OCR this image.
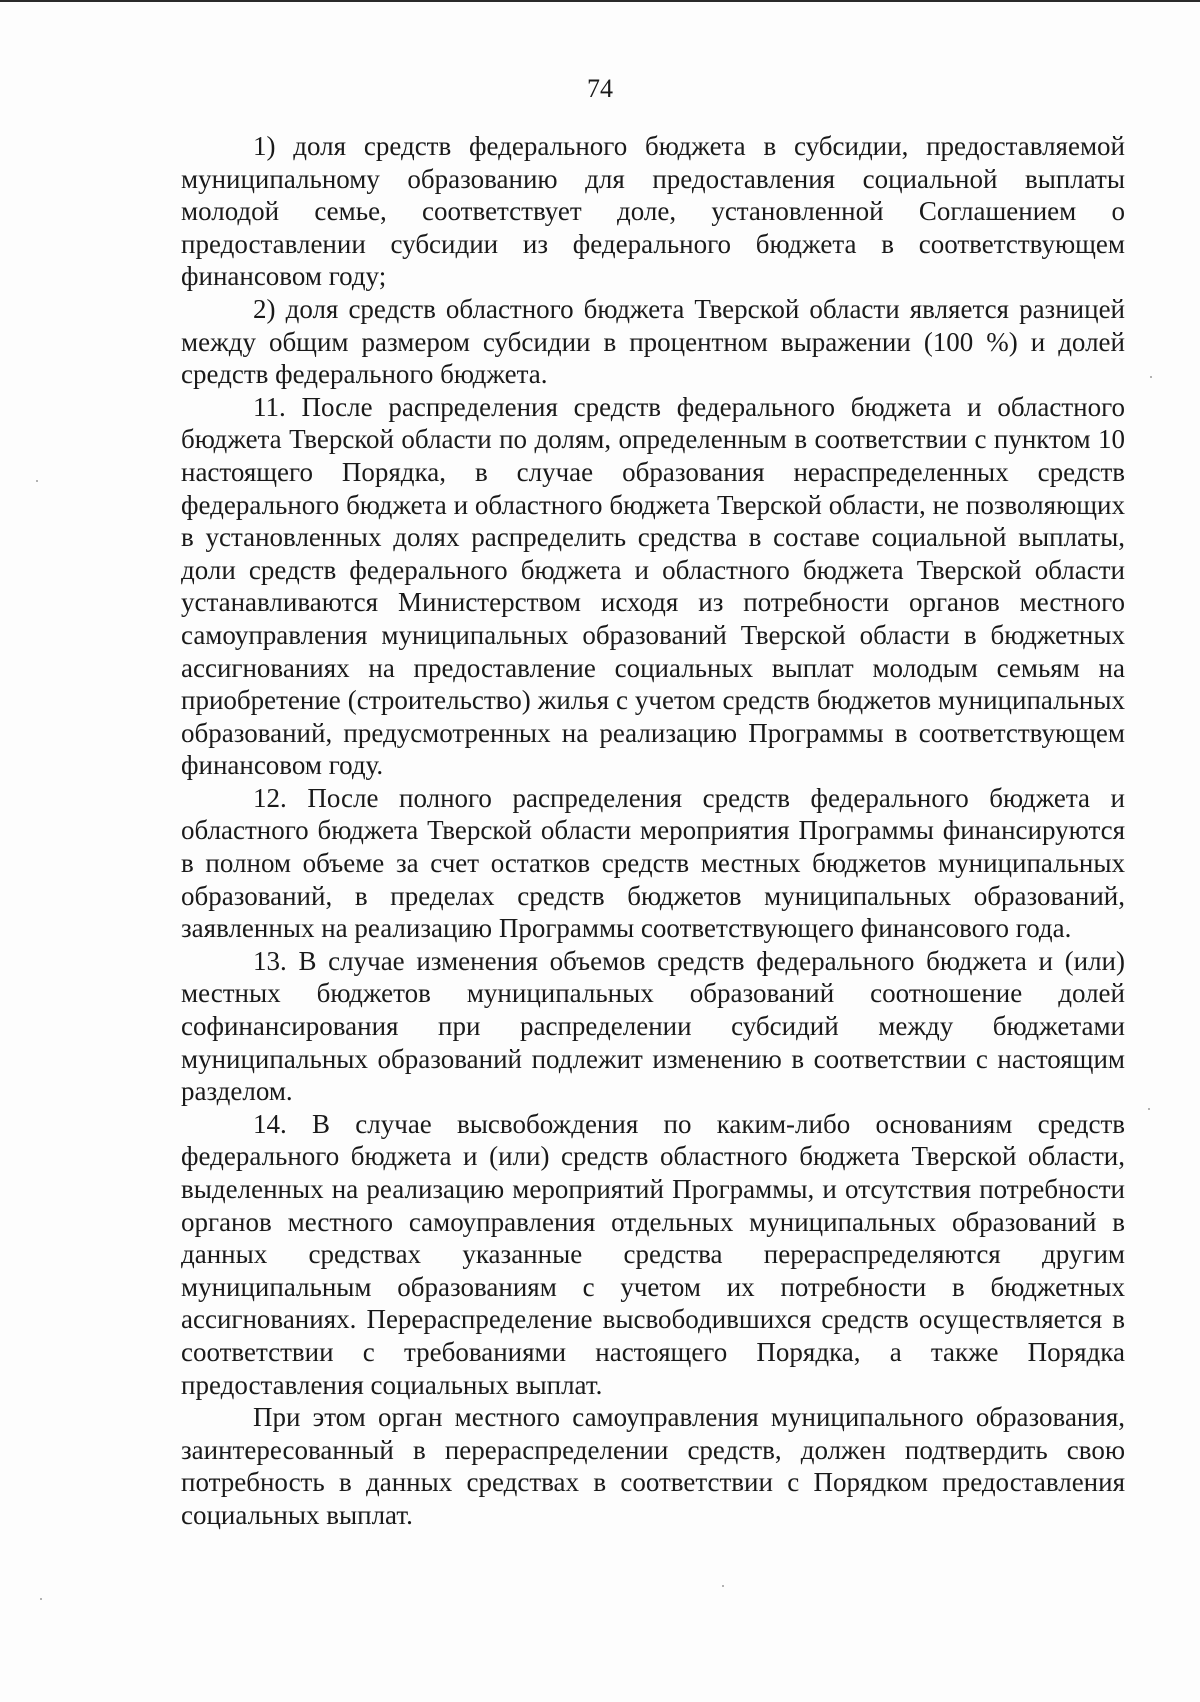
74

1) доля средств федерального бюджета в субсидии, предоставляемой муниципальному образованию для предоставления социальной выплаты молодой семье, соответствует доле, установленной Соглашением о предоставлении субсидии из федерального бюджета в соответствующем финансовом году;

2) доля средств областного бюджета Тверской области является разницей между общим размером субсидии в процентном выражении (100 %) и долей средств федерального бюджета.

11. После распределения средств федерального бюджета и областного бюджета Тверской области по долям, определенным в соответствии с пунктом 10 настоящего Порядка, в случае образования нераспределенных средств федерального бюджета и областного бюджета Тверской области, не позволяющих в установленных долях распределить средства в составе социальной выплаты, доли средств федерального бюджета и областного бюджета Тверской области устанавливаются Министерством исходя из потребности органов местного самоуправления муниципальных образований Тверской области в бюджетных ассигнованиях на предоставление социальных выплат молодым семьям на приобретение (строительство) жилья с учетом средств бюджетов муниципальных образований, предусмотренных на реализацию Программы в соответствующем финансовом году.

12. После полного распределения средств федерального бюджета и областного бюджета Тверской области мероприятия Программы финансируются в полном объеме за счет остатков средств местных бюджетов муниципальных образований, в пределах средств бюджетов муниципальных образований, заявленных на реализацию Программы соответствующего финансового года.

13. В случае изменения объемов средств федерального бюджета и (или) местных бюджетов муниципальных образований соотношение долей софинансирования при распределении субсидий между бюджетами муниципальных образований подлежит изменению в соответствии с настоящим разделом.

14. В случае высвобождения по каким-либо основаниям средств федерального бюджета и (или) средств областного бюджета Тверской области, выделенных на реализацию мероприятий Программы, и отсутствия потребности органов местного самоуправления отдельных муниципальных образований в данных средствах указанные средства перераспределяются другим муниципальным образованиям с учетом их потребности в бюджетных ассигнованиях. Перераспределение высвободившихся средств осуществляется в соответствии с требованиями настоящего Порядка, а также Порядка предоставления социальных выплат.

При этом орган местного самоуправления муниципального образования, заинтересованный в перераспределении средств, должен подтвердить свою потребность в данных средствах в соответствии с Порядком предоставления социальных выплат.
